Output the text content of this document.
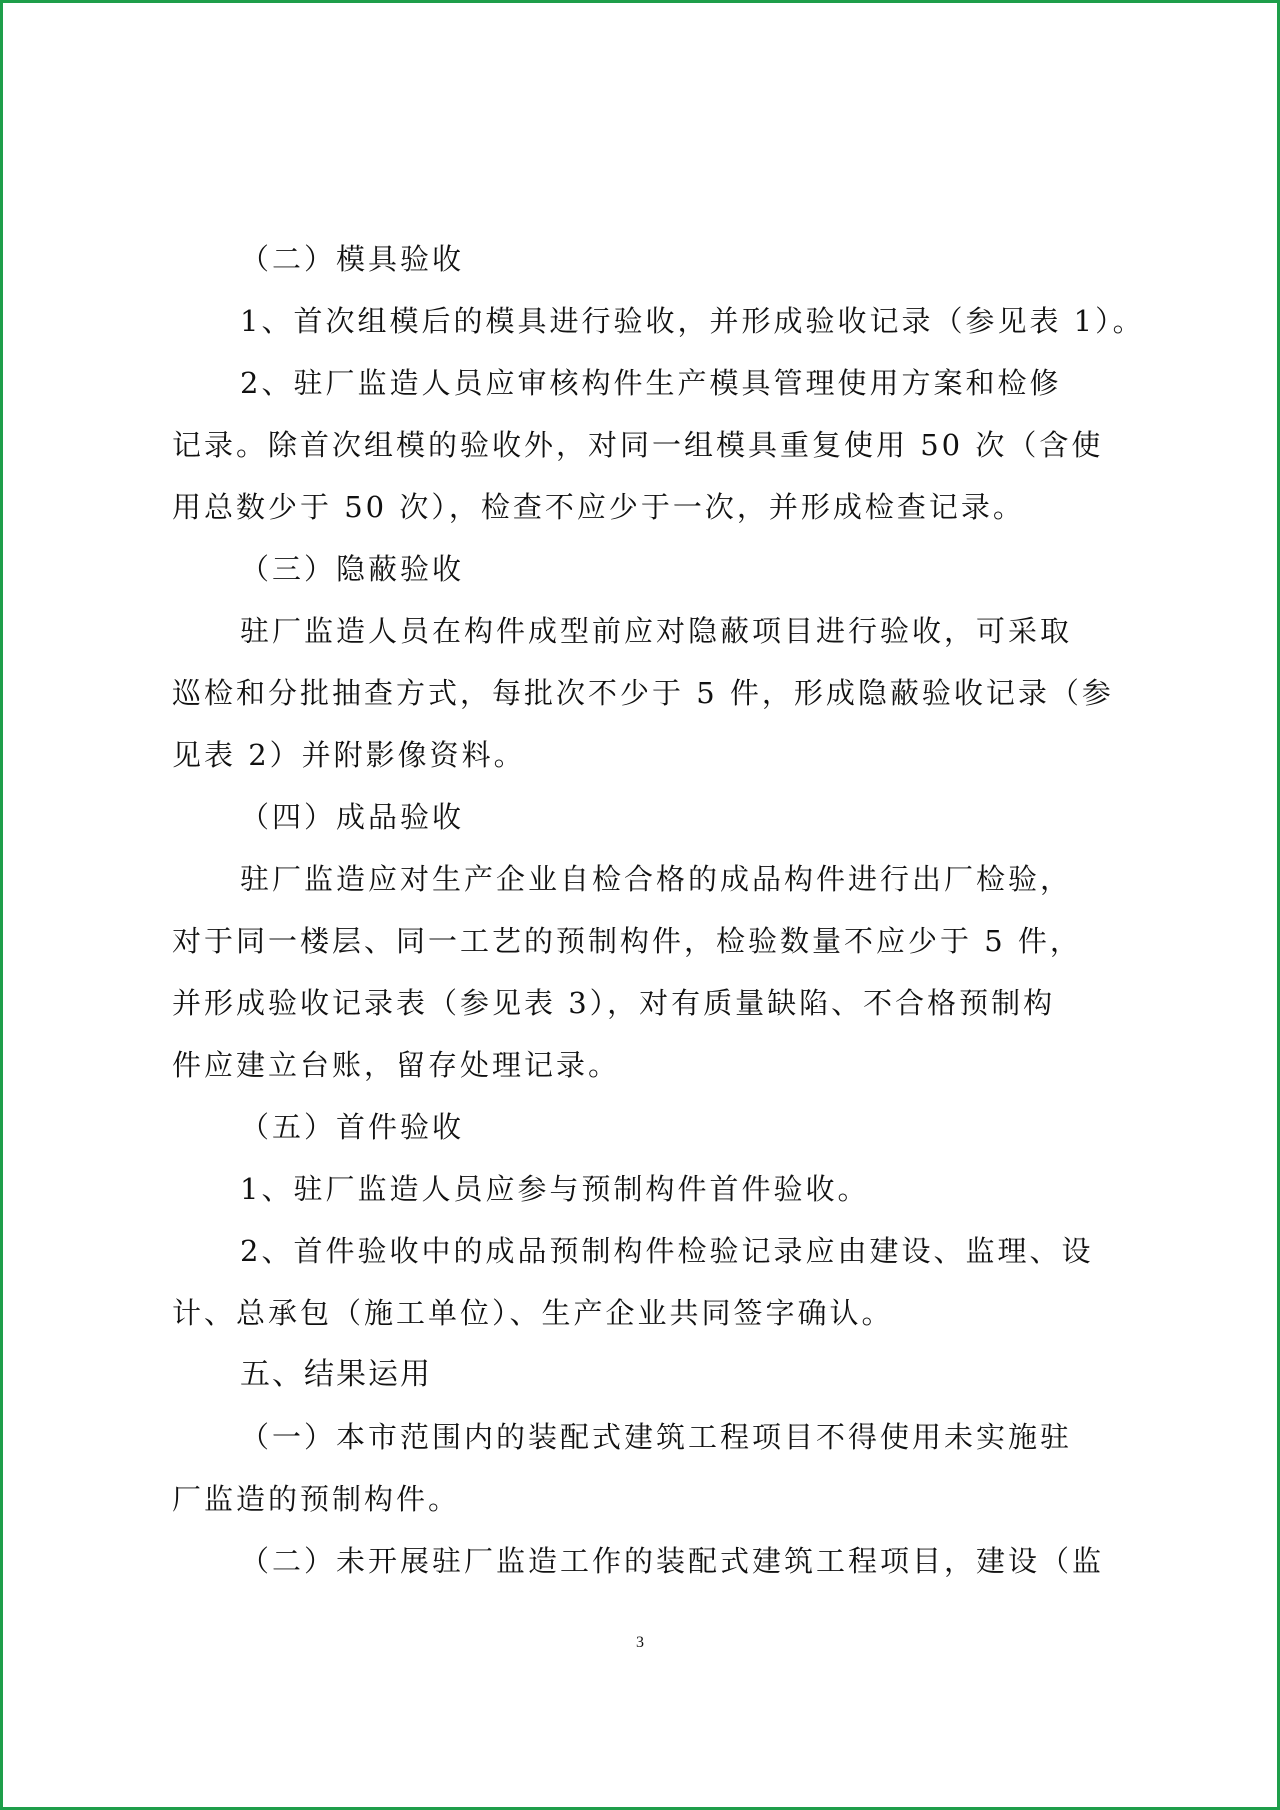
（二）模具验收
1、首次组模后的模具进行验收，并形成验收记录（参见表 1）。
2、驻厂监造人员应审核构件生产模具管理使用方案和检修
记录。除首次组模的验收外，对同一组模具重复使用 50 次（含使
用总数少于 50 次），检查不应少于一次，并形成检查记录。
（三）隐蔽验收
驻厂监造人员在构件成型前应对隐蔽项目进行验收，可采取
巡检和分批抽查方式，每批次不少于 5 件，形成隐蔽验收记录（参
见表 2）并附影像资料。
（四）成品验收
驻厂监造应对生产企业自检合格的成品构件进行出厂检验，
对于同一楼层、同一工艺的预制构件，检验数量不应少于 5 件，
并形成验收记录表（参见表 3），对有质量缺陷、不合格预制构
件应建立台账，留存处理记录。
（五）首件验收
1、驻厂监造人员应参与预制构件首件验收。
2、首件验收中的成品预制构件检验记录应由建设、监理、设
计、总承包（施工单位）、生产企业共同签字确认。
五、结果运用
（一）本市范围内的装配式建筑工程项目不得使用未实施驻
厂监造的预制构件。
（二）未开展驻厂监造工作的装配式建筑工程项目，建设（监
3
